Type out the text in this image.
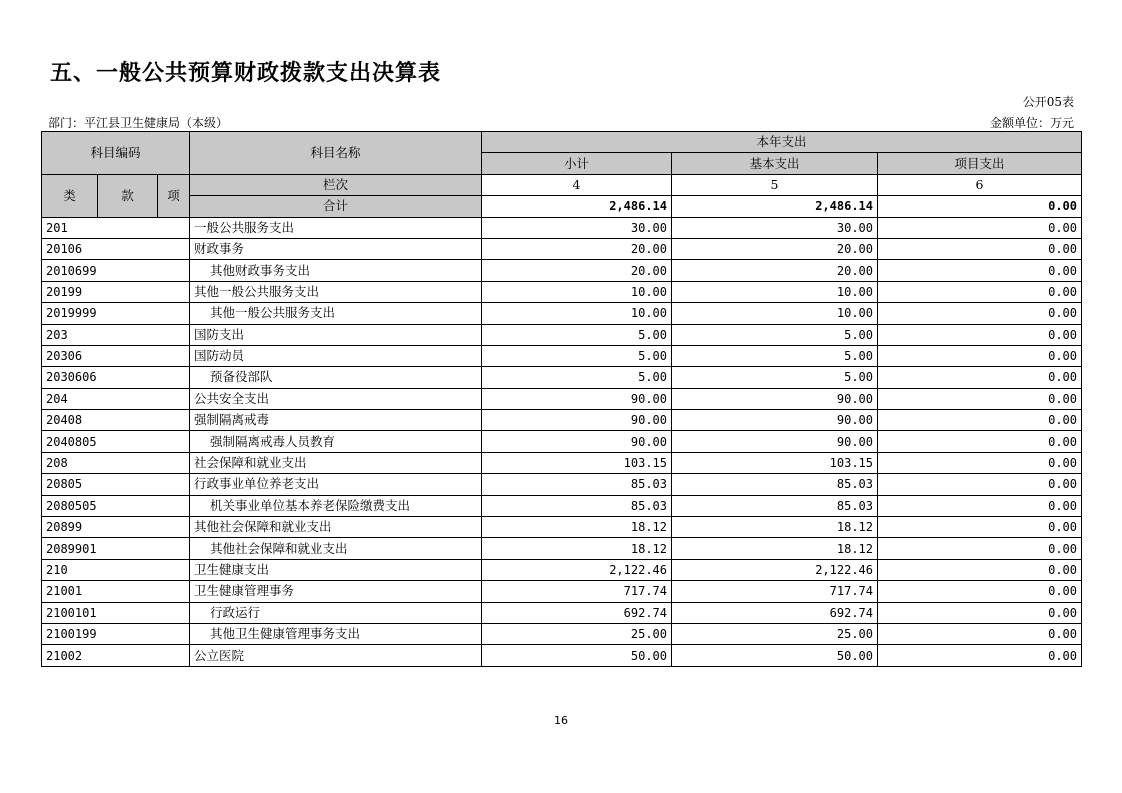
五、一般公共预算财政拨款支出决算表
公开05表
部门：平江县卫生健康局（本级）	金额单位：万元
科目编码			科目名称	本年支出		
				小计	基本支出	项目支出

类	款	项	栏次	4	5	6
			合计	2,486.14	2,486.14	0.00
201			一般公共服务支出	30.00	30.00	0.00
20106			财政事务	20.00	20.00	0.00
2010699			其他财政事务支出	20.00	20.00	0.00
20199			其他一般公共服务支出	10.00	10.00	0.00
2019999			其他一般公共服务支出	10.00	10.00	0.00
203			国防支出	5.00	5.00	0.00
20306			国防动员	5.00	5.00	0.00
2030606			预备役部队	5.00	5.00	0.00
204			公共安全支出	90.00	90.00	0.00
20408			强制隔离戒毒	90.00	90.00	0.00
2040805			强制隔离戒毒人员教育	90.00	90.00	0.00
208			社会保障和就业支出	103.15	103.15	0.00
20805			行政事业单位养老支出	85.03	85.03	0.00
2080505			机关事业单位基本养老保险缴费支出	85.03	85.03	0.00
20899			其他社会保障和就业支出	18.12	18.12	0.00
2089901			其他社会保障和就业支出	18.12	18.12	0.00
210			卫生健康支出	2,122.46	2,122.46	0.00
21001			卫生健康管理事务	717.74	717.74	0.00
2100101			行政运行	692.74	692.74	0.00
2100199			其他卫生健康管理事务支出	25.00	25.00	0.00
21002			公立医院	50.00	50.00	0.00
16
